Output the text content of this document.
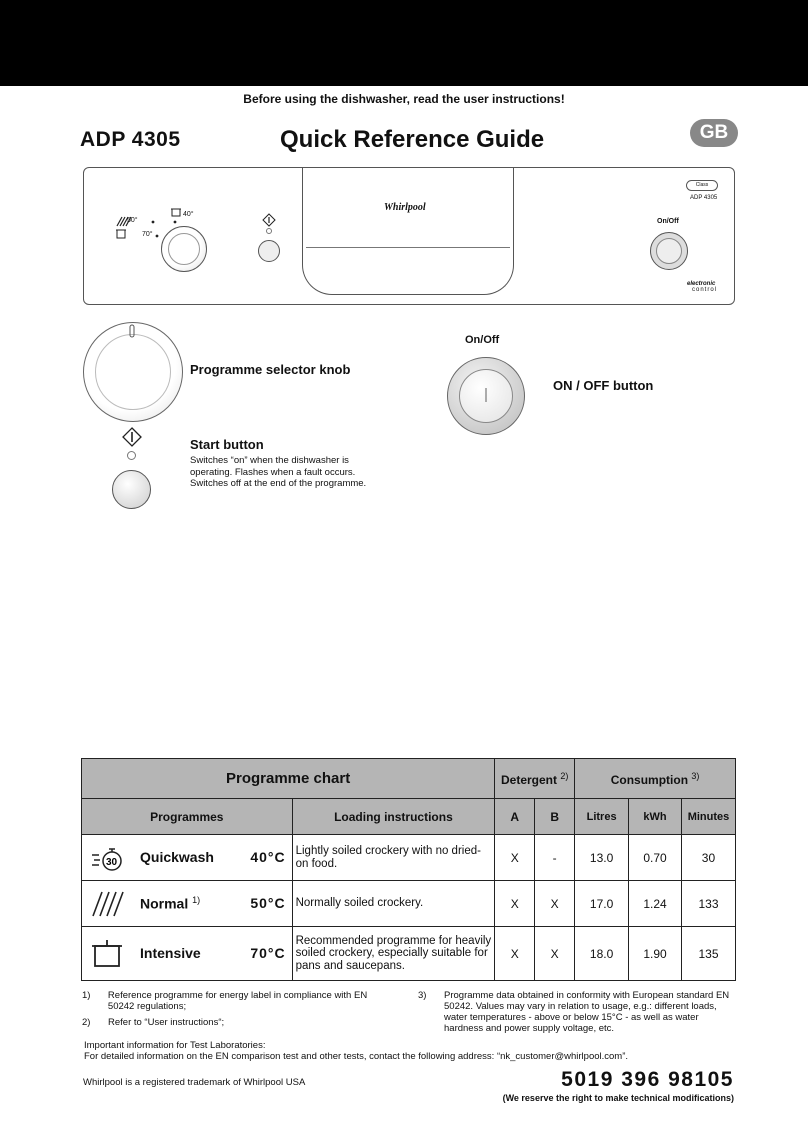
Before using the dishwasher, read the user instructions!
ADP 4305	Quick Reference Guide	GB
Whirlpool
50°
40°
70°
Class
ADP 4305
On/Off
electronic
control
Programme selector knob
Start button
Switches “on” when the dishwasher is
operating. Flashes when a fault occurs.
Switches off at the end of the programme.
On/Off
ON / OFF button
Programme chart		Detergent $^{2)}$		Consumption $^{3)}$
Programmes	Loading instructions	A	B	Litres	kWh	Minutes

30 Quickwash 40°C	Lightly soiled crockery with no dried-on food.	X	-	13.0	0.70	30

Normal $^{1)}$ 50°C	Normally soiled crockery.	X	X	17.0	1.24	133

Intensive 70°C	Recommended programme for heavily soiled crockery, especially suitable for pans and saucepans.	X	X	18.0	1.90	135
1)	Reference programme for energy label in compliance with EN 50242 regulations;
2)	Refer to “User instructions“;
3)	Programme data obtained in conformity with European standard EN 50242. Values may vary in relation to usage, e.g.: different loads, water temperatures - above or below 15°C - as well as water hardness and power supply voltage, etc.
Important information for Test Laboratories:
For detailed information on the EN comparison test and other tests, contact the following address: “nk_customer@whirlpool.com”.
Whirlpool is a registered trademark of Whirlpool USA	5019 396 98105
(We reserve the right to make technical modifications)
